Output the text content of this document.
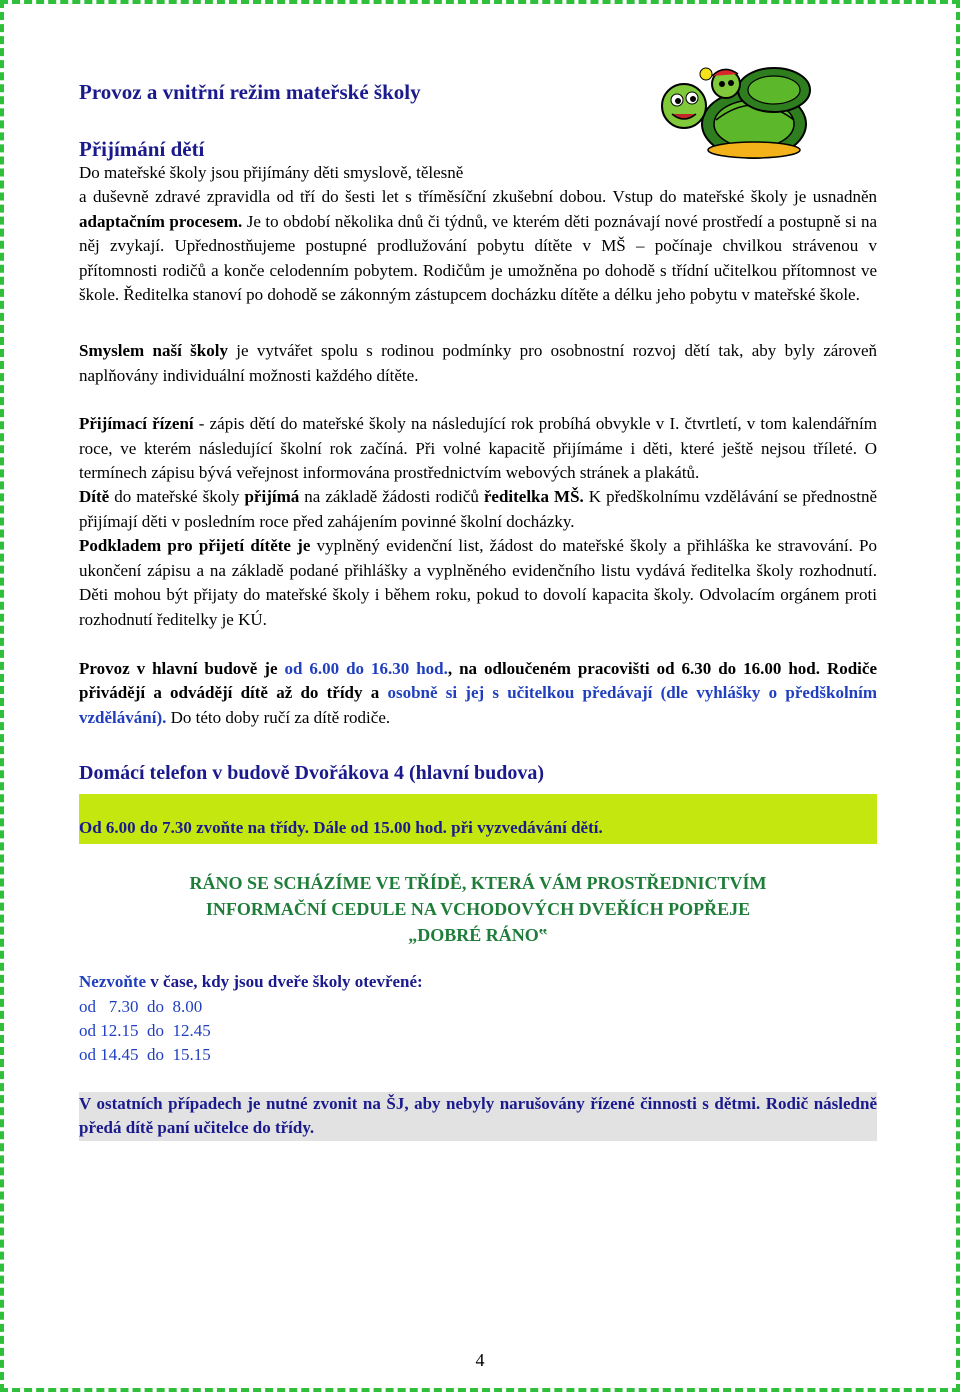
Provoz a vnitřní režim mateřské školy

Přijímání dětí

Do mateřské školy jsou přijímány děti smyslově, tělesně

a duševně zdravé zpravidla od tří do šesti let s tříměsíční zkušební dobou. Vstup do mateřské školy je usnadněn adaptačním procesem. Je to období několika dnů či týdnů, ve kterém děti poznávají nové prostředí a postupně si na něj zvykají. Upřednostňujeme postupné prodlužování pobytu dítěte v MŠ – počínaje chvilkou strávenou v přítomnosti rodičů a konče celodenním pobytem. Rodičům je umožněna po dohodě s třídní učitelkou přítomnost ve škole. Ředitelka stanoví po dohodě se zákonným zástupcem docházku dítěte a délku jeho pobytu v mateřské škole.

Smyslem naší školy je vytvářet spolu s rodinou podmínky pro osobnostní rozvoj dětí tak, aby byly zároveň naplňovány individuální možnosti každého dítěte.

Přijímací řízení - zápis dětí do mateřské školy na následující rok probíhá obvykle v I. čtvrtletí, v tom kalendářním roce, ve kterém následující školní rok začíná. Při volné kapacitě přijímáme i děti, které ještě nejsou tříleté. O termínech zápisu bývá veřejnost informována prostřednictvím webových stránek a plakátů.

Dítě do mateřské školy přijímá na základě žádosti rodičů ředitelka MŠ. K předškolnímu vzdělávání se přednostně přijímají děti v posledním roce před zahájením povinné školní docházky.

Podkladem pro přijetí dítěte je vyplněný evidenční list, žádost do mateřské školy a přihláška ke stravování. Po ukončení zápisu a na základě podané přihlášky a vyplněného evidenčního listu vydává ředitelka školy rozhodnutí. Děti mohou být přijaty do mateřské školy i během roku, pokud to dovolí kapacita školy. Odvolacím orgánem proti rozhodnutí ředitelky je KÚ.

Provoz v hlavní budově je od 6.00 do 16.30 hod., na odloučeném pracovišti od 6.30 do 16.00 hod. Rodiče přivádějí a odvádějí dítě až do třídy a osobně si jej s učitelkou předávají (dle vyhlášky o předškolním vzdělávání). Do této doby ručí za dítě rodiče.

Domácí telefon v budově Dvořákova 4 (hlavní budova)

Od 6.00 do 7.30 zvoňte na třídy. Dále od 15.00 hod. při vyzvedávání dětí.
RÁNO SE SCHÁZÍME VE TŘÍDĚ, KTERÁ VÁM PROSTŘEDNICTVÍM
INFORMAČNÍ CEDULE NA VCHODOVÝCH DVEŘÍCH POPŘEJE
„DOBRÉ RÁNO‟

Nezvoňte v čase, kdy jsou dveře školy otevřené:

od   7.30  do  8.00

od 12.15  do  12.45

od 14.45  do  15.15

V ostatních případech je nutné zvonit na ŠJ, aby nebyly narušovány řízené činnosti s dětmi. Rodič následně předá dítě paní učitelce do třídy.

4
